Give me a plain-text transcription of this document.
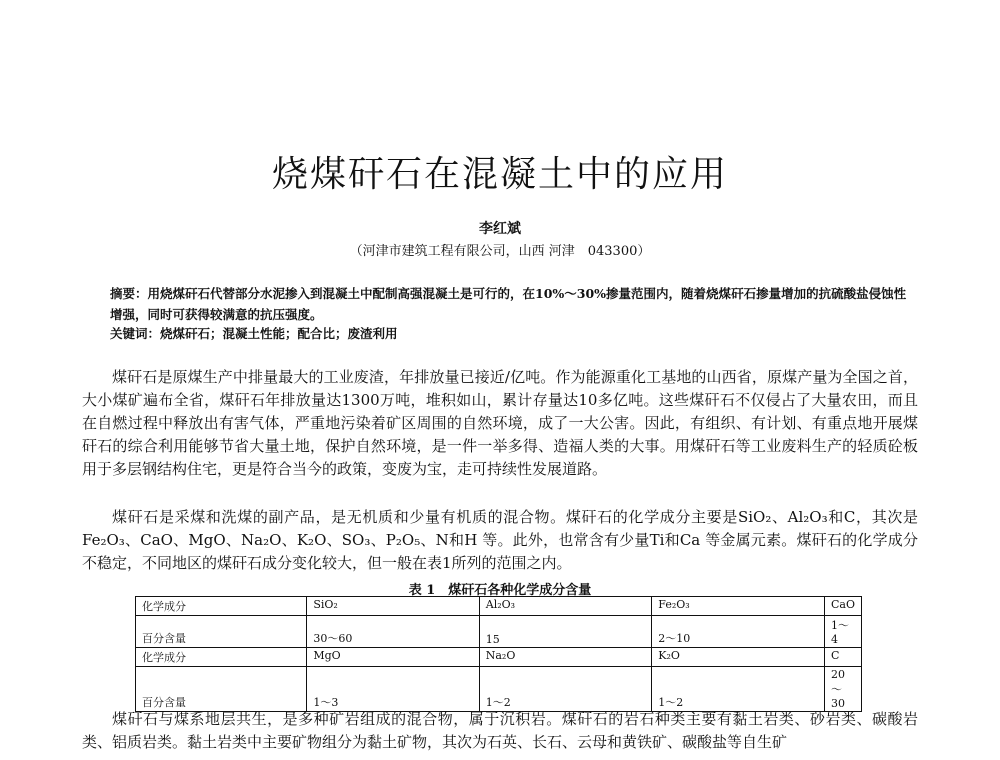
烧煤矸石在混凝土中的应用
李红斌
（河津市建筑工程有限公司，山西 河津　043300）
摘要：用烧煤矸石代替部分水泥掺入到混凝土中配制高强混凝土是可行的，在10%～30%掺量范围内，随着烧煤矸石掺量增加的抗硫酸盐侵蚀性增强，同时可获得较满意的抗压强度。
关键词：烧煤矸石；混凝土性能；配合比；废渣利用

煤矸石是原煤生产中排量最大的工业废渣，年排放量已接近/亿吨。作为能源重化工基地的山西省，原煤产量为全国之首，大小煤矿遍布全省，煤矸石年排放量达1300万吨，堆积如山，累计存量达10多亿吨。这些煤矸石不仅侵占了大量农田，而且在自燃过程中释放出有害气体，严重地污染着矿区周围的自然环境，成了一大公害。因此，有组织、有计划、有重点地开展煤矸石的综合利用能够节省大量土地，保护自然环境，是一件一举多得、造福人类的大事。用煤矸石等工业废料生产的轻质砼板用于多层钢结构住宅，更是符合当今的政策，变废为宝，走可持续性发展道路。

煤矸石是采煤和洗煤的副产品，是无机质和少量有机质的混合物。煤矸石的化学成分主要是SiO₂、Al₂O₃和C，其次是Fe₂O₃、CaO、MgO、Na₂O、K₂O、SO₃、P₂O₅、N和H 等。此外，也常含有少量Ti和Ca 等金属元素。煤矸石的化学成分不稳定，不同地区的煤矸石成分变化较大，但一般在表1所列的范围之内。

表 1　煤矸石各种化学成分含量
化学成分	SiO₂	Al₂O₃	Fe₂O₃	CaO
百分含量	30～60	15	2～10	1～4
化学成分	MgO	Na₂O	K₂O	C
百分含量	1～3	1～2	1～2	20～30

煤矸石与煤系地层共生，是多种矿岩组成的混合物，属于沉积岩。煤矸石的岩石种类主要有黏土岩类、砂岩类、碳酸岩类、铝质岩类。黏土岩类中主要矿物组分为黏土矿物，其次为石英、长石、云母和黄铁矿、碳酸盐等自生矿
